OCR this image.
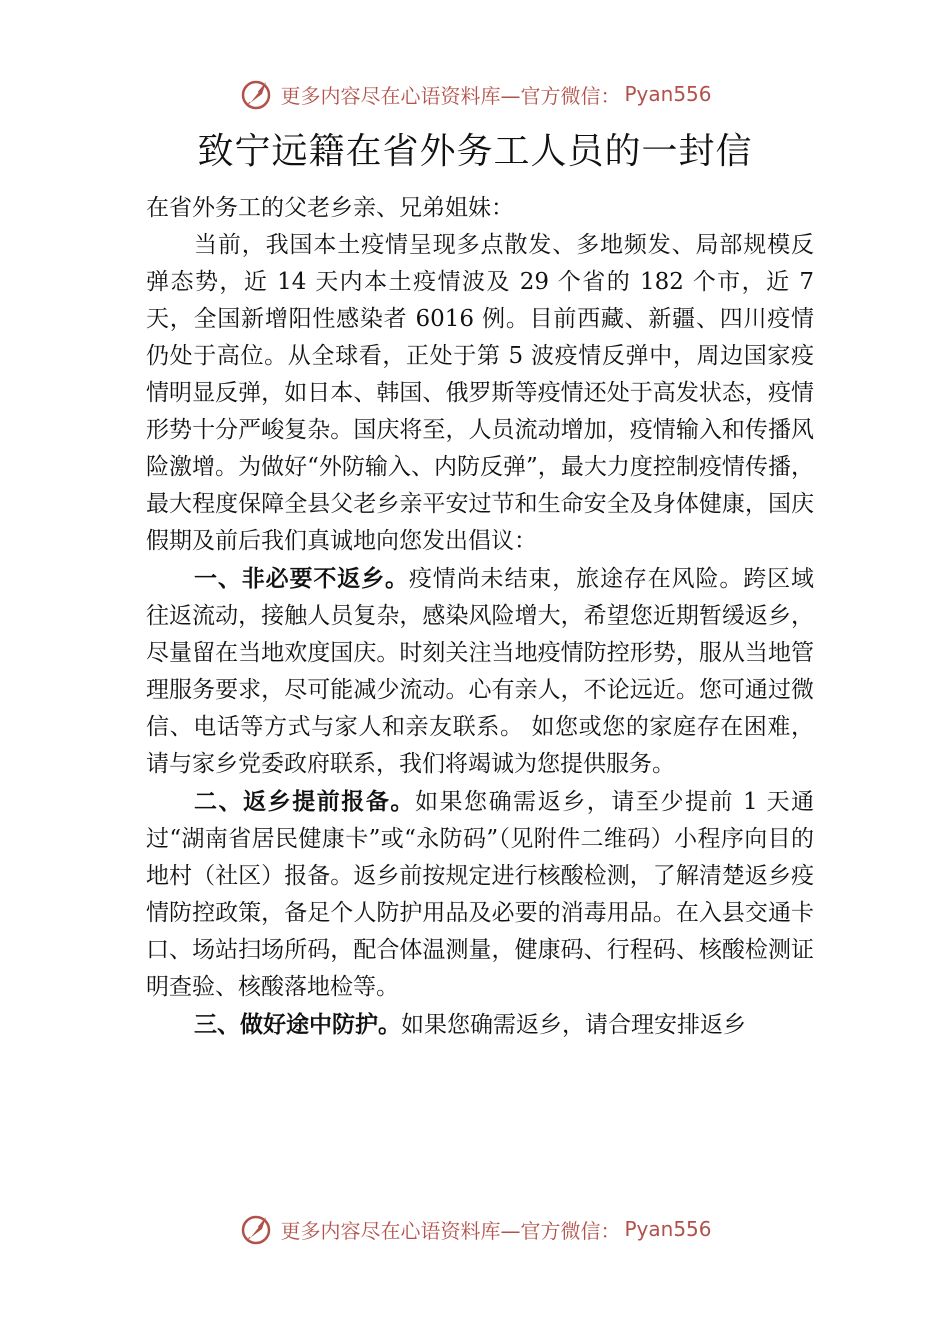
更多内容尽在心语资料库—官方微信： Pyan556
致宁远籍在省外务工人员的一封信

在省外务工的父老乡亲、兄弟姐妹：

当前，我国本土疫情呈现多点散发、多地频发、局部规模反弹态势，近 14 天内本土疫情波及 29 个省的 182 个市，近 7 天，全国新增阳性感染者 6016 例。目前西藏、新疆、四川疫情仍处于高位。从全球看，正处于第 5 波疫情反弹中，周边国家疫情明显反弹，如日本、韩国、俄罗斯等疫情还处于高发状态，疫情形势十分严峻复杂。国庆将至，人员流动增加，疫情输入和传播风险激增。为做好“外防输入、内防反弹”，最大力度控制疫情传播，最大程度保障全县父老乡亲平安过节和生命安全及身体健康，国庆假期及前后我们真诚地向您发出倡议：

一、非必要不返乡。疫情尚未结束，旅途存在风险。跨区域往返流动，接触人员复杂，感染风险增大，希望您近期暂缓返乡，尽量留在当地欢度国庆。时刻关注当地疫情防控形势，服从当地管理服务要求，尽可能减少流动。心有亲人，不论远近。您可通过微信、电话等方式与家人和亲友联系。 如您或您的家庭存在困难，请与家乡党委政府联系，我们将竭诚为您提供服务。

二、返乡提前报备。如果您确需返乡，请至少提前 1 天通过“湖南省居民健康卡”或“永防码”（见附件二维码）小程序向目的地村（社区）报备。返乡前按规定进行核酸检测，了解清楚返乡疫情防控政策，备足个人防护用品及必要的消毒用品。在入县交通卡口、场站扫场所码，配合体温测量，健康码、行程码、核酸检测证明查验、核酸落地检等。

三、做好途中防护。如果您确需返乡，请合理安排返乡

更多内容尽在心语资料库—官方微信： Pyan556
